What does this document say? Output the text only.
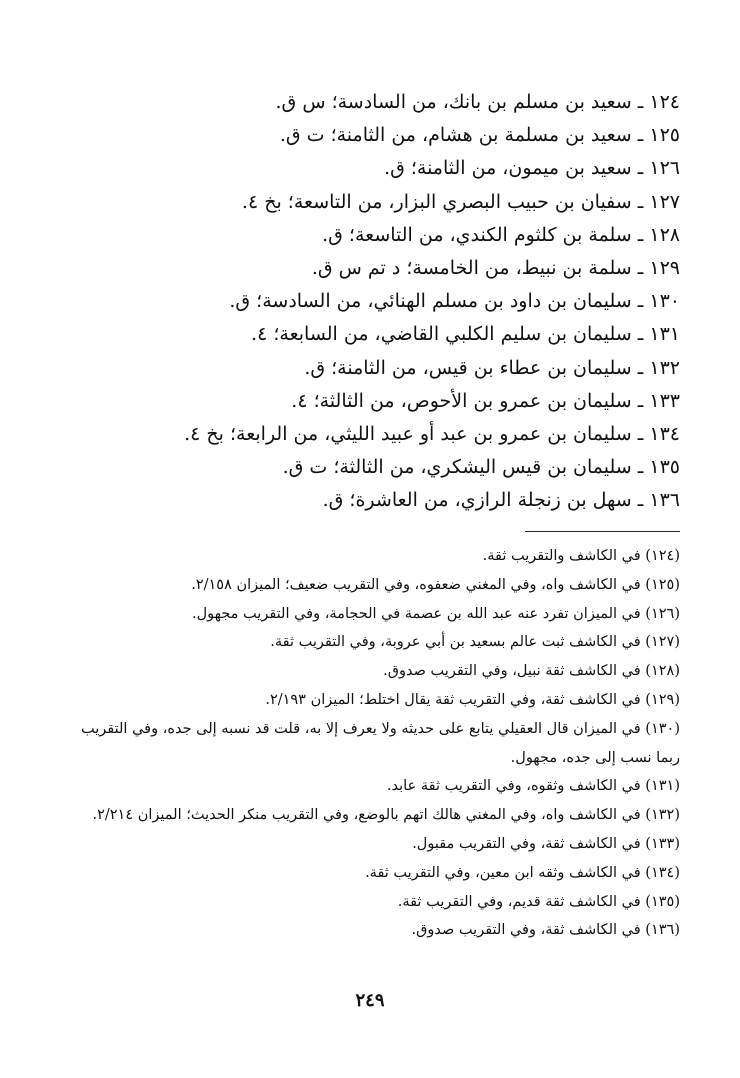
١٢٤ ـ سعيد بن مسلم بن بانك، من السادسة؛ س ق.
١٢٥ ـ سعيد بن مسلمة بن هشام، من الثامنة؛ ت ق.
١٢٦ ـ سعيد بن ميمون، من الثامنة؛ ق.
١٢٧ ـ سفيان بن حبيب البصري البزار، من التاسعة؛ بخ ٤.
١٢٨ ـ سلمة بن كلثوم الكندي، من التاسعة؛ ق.
١٢٩ ـ سلمة بن نبيط، من الخامسة؛ د تم س ق.
١٣٠ ـ سليمان بن داود بن مسلم الهنائي، من السادسة؛ ق.
١٣١ ـ سليمان بن سليم الكلبي القاضي، من السابعة؛ ٤.
١٣٢ ـ سليمان بن عطاء بن قيس، من الثامنة؛ ق.
١٣٣ ـ سليمان بن عمرو بن الأحوص، من الثالثة؛ ٤.
١٣٤ ـ سليمان بن عمرو بن عبد أو عبيد الليثي، من الرابعة؛ بخ ٤.
١٣٥ ـ سليمان بن قيس اليشكري، من الثالثة؛ ت ق.
١٣٦ ـ سهل بن زنجلة الرازي، من العاشرة؛ ق.
(١٢٤) في الكاشف والتقريب ثقة.
(١٢٥) في الكاشف واه، وفي المغني ضعفوه، وفي التقريب ضعيف؛ الميزان ٢/١٥٨.
(١٢٦) في الميزان تفرد عنه عبد الله بن عصمة في الحجامة، وفي التقريب مجهول.
(١٢٧) في الكاشف ثبت عالم بسعيد بن أبي عروبة، وفي التقريب ثقة.
(١٢٨) في الكاشف ثقة نبيل، وفي التقريب صدوق.
(١٢٩) في الكاشف ثقة، وفي التقريب ثقة يقال اختلط؛ الميزان ٢/١٩٣.
(١٣٠) في الميزان قال العقيلي يتابع على حديثه ولا يعرف إلا به، قلت قد نسبه إلى جده، وفي التقريب ربما نسب إلى جده، مجهول.
(١٣١) في الكاشف وثقوه، وفي التقريب ثقة عابد.
(١٣٢) في الكاشف واه، وفي المغني هالك اتهم بالوضع، وفي التقريب منكر الحديث؛ الميزان ٢/٢١٤.
(١٣٣) في الكاشف ثقة، وفي التقريب مقبول.
(١٣٤) في الكاشف وثقه ابن معين، وفي التقريب ثقة.
(١٣٥) في الكاشف ثقة قديم، وفي التقريب ثقة.
(١٣٦) في الكاشف ثقة، وفي التقريب صدوق.
٢٤٩
